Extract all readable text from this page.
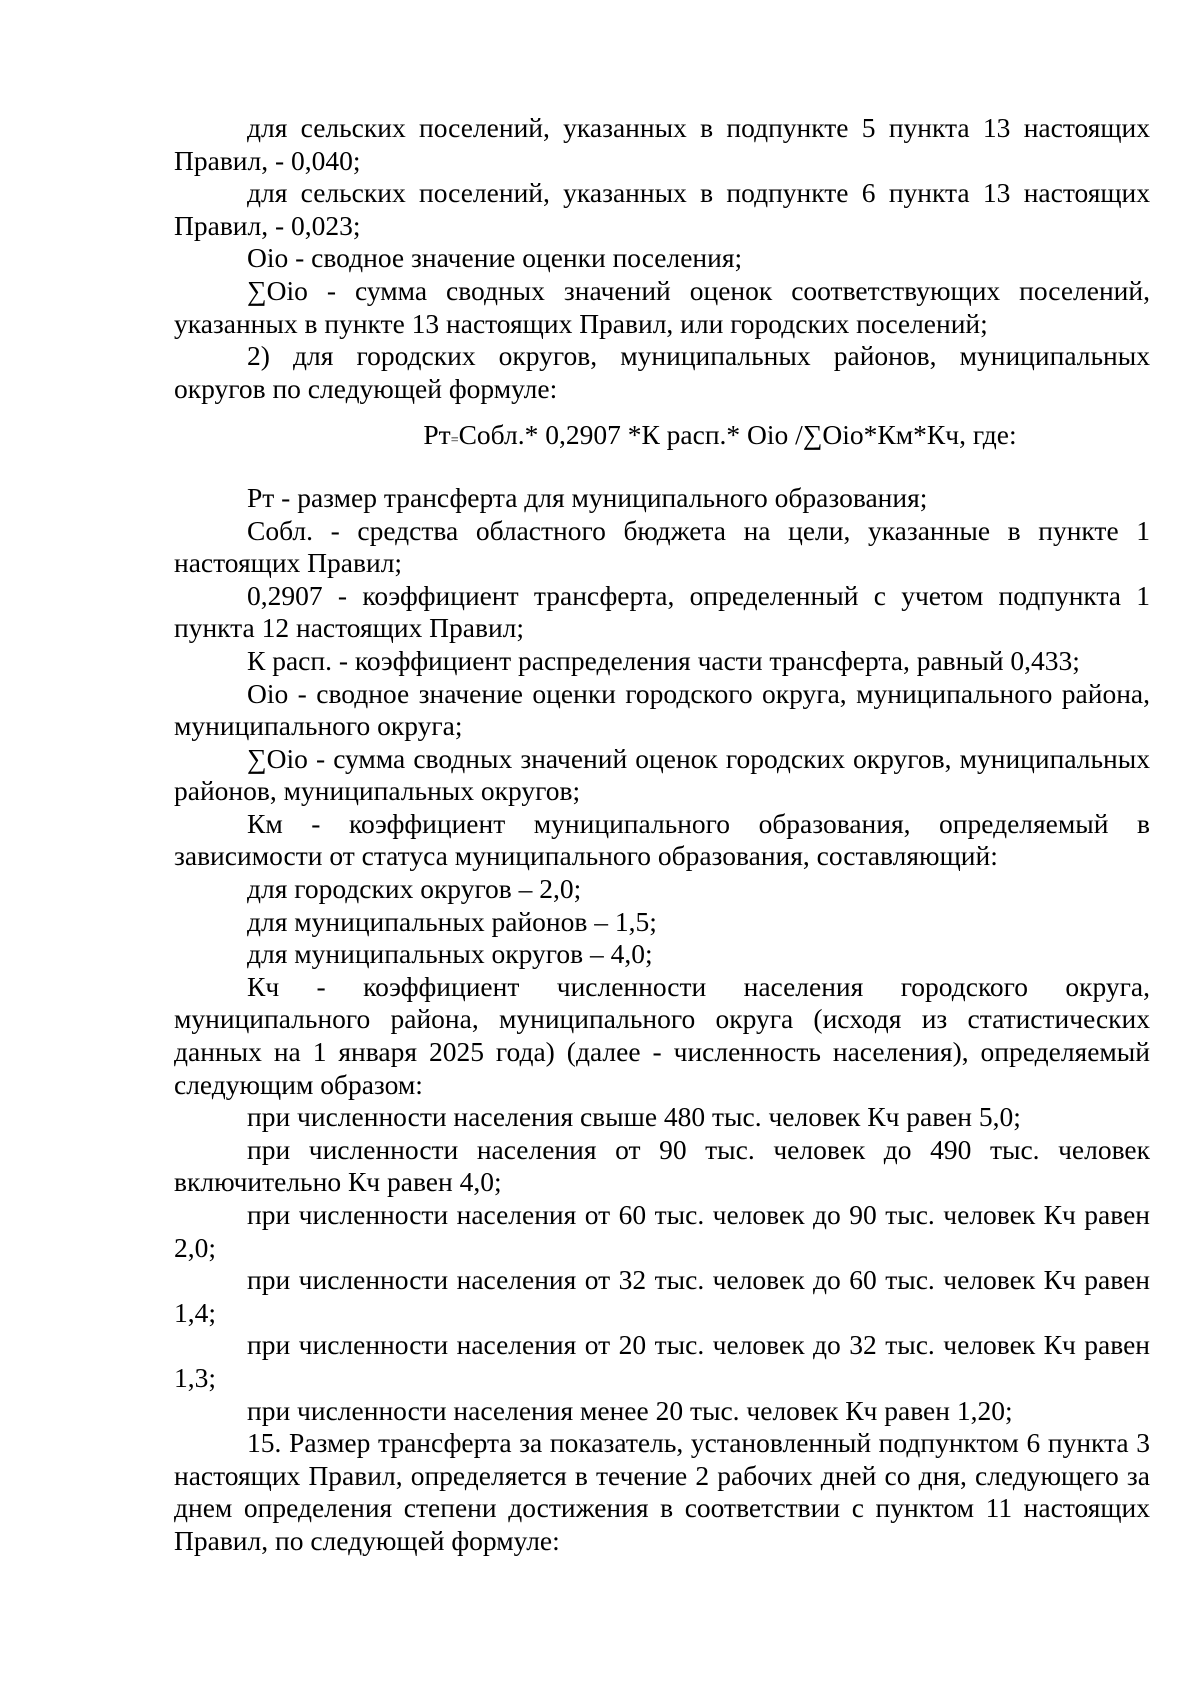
для сельских поселений, указанных в подпункте 5 пункта 13 настоящих Правил, - 0,040;

для сельских поселений, указанных в подпункте 6 пункта 13 настоящих Правил, - 0,023;

Оiо - сводное значение оценки поселения;

∑Оiо - сумма сводных значений оценок соответствующих поселений, указанных в пункте 13 настоящих Правил, или городских поселений;

2) для городских округов, муниципальных районов, муниципальных округов по следующей формуле:

Рт=Собл.* 0,2907 *К расп.* Оiо /∑Оiо*Км*Кч, где:

Рт - размер трансферта для муниципального образования;

Собл. - средства областного бюджета на цели, указанные в пункте 1 настоящих Правил;

0,2907 - коэффициент трансферта, определенный с учетом подпункта 1 пункта 12 настоящих Правил;

К расп. - коэффициент распределения части трансферта, равный 0,433;

Оiо - сводное значение оценки городского округа, муниципального района, муниципального округа;

∑Оiо - сумма сводных значений оценок городских округов, муниципальных районов, муниципальных округов;

Км - коэффициент муниципального образования, определяемый в зависимости от статуса муниципального образования, составляющий:

для городских округов – 2,0;

для муниципальных районов – 1,5;

для муниципальных округов – 4,0;

Кч - коэффициент численности населения городского округа, муниципального района, муниципального округа (исходя из статистических данных на 1 января 2025 года) (далее - численность населения), определяемый следующим образом:

при численности населения свыше 480 тыс. человек Кч равен 5,0;

при численности населения от 90 тыс. человек до 490 тыс. человек включительно Кч равен 4,0;

при численности населения от 60 тыс. человек до 90 тыс. человек Кч равен 2,0;

при численности населения от 32 тыс. человек до 60 тыс. человек Кч равен 1,4;

при численности населения от 20 тыс. человек до 32 тыс. человек Кч равен 1,3;

при численности населения менее 20 тыс. человек Кч равен 1,20;

15. Размер трансферта за показатель, установленный подпунктом 6 пункта 3 настоящих Правил, определяется в течение 2 рабочих дней со дня, следующего за днем определения степени достижения в соответствии с пунктом 11 настоящих Правил, по следующей формуле:
